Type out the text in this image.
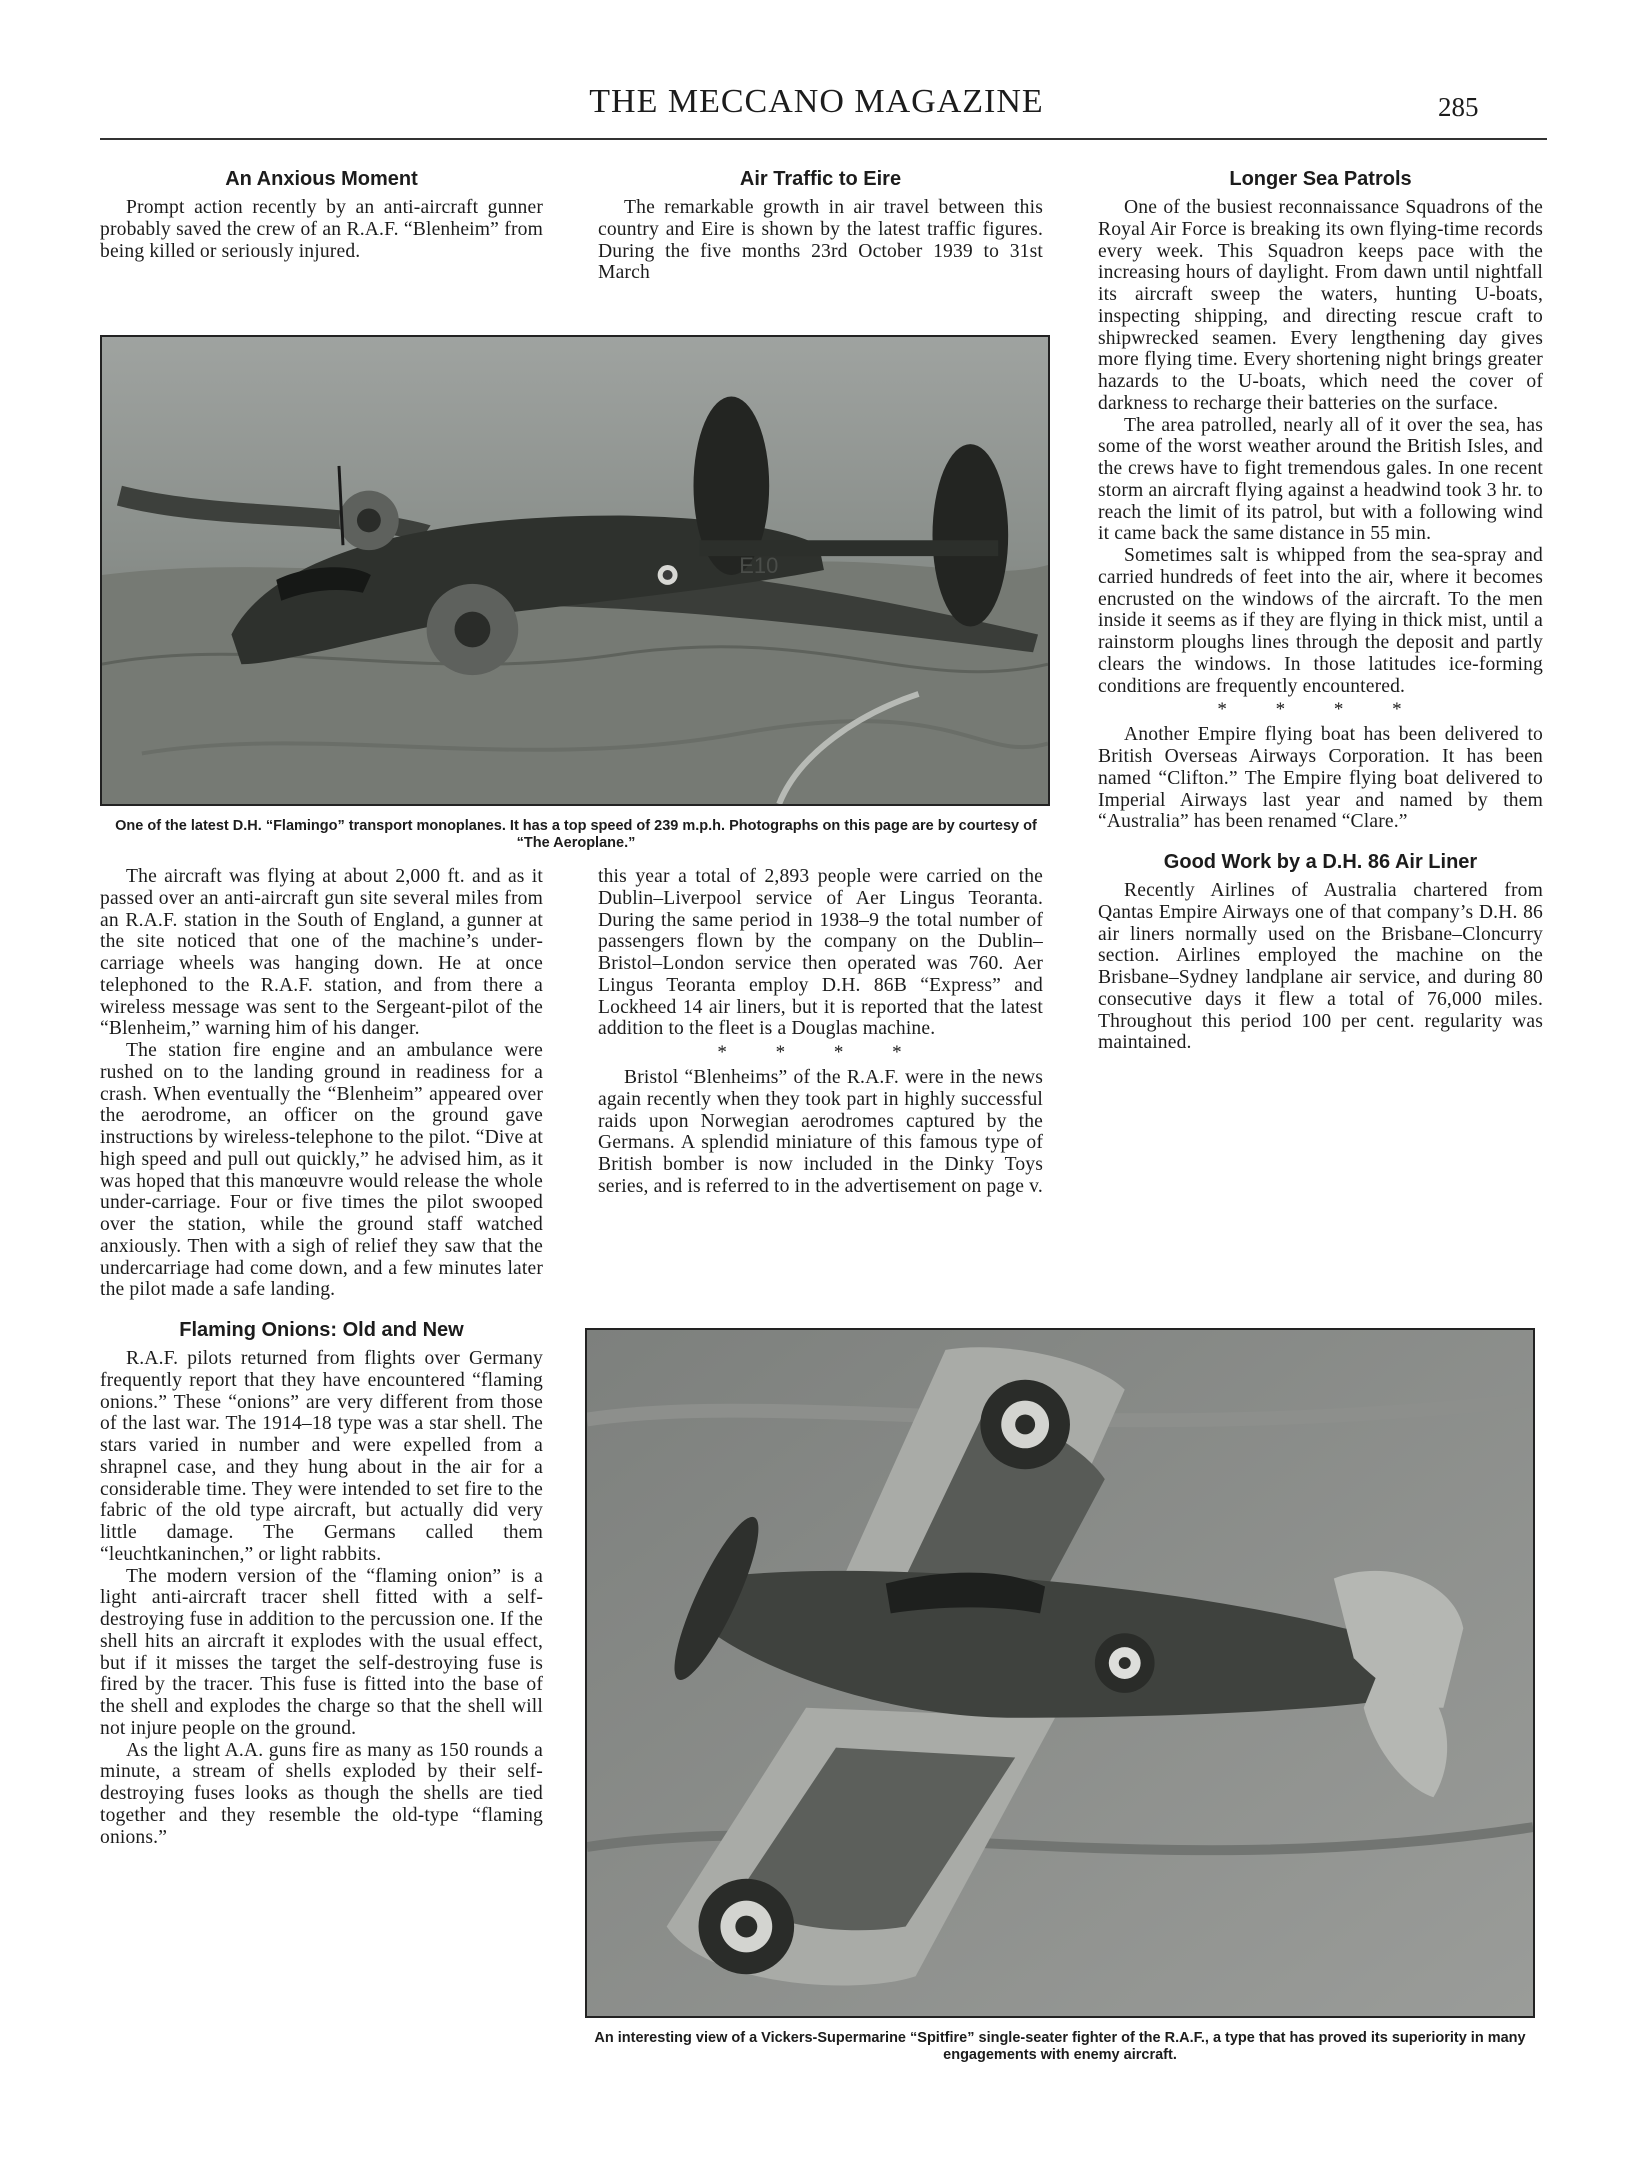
THE MECCANO MAGAZINE	285
An Anxious Moment

Prompt action recently by an anti-aircraft gunner probably saved the crew of an R.A.F. “Blenheim” from being killed or seriously injured.

Air Traffic to Eire

The remarkable growth in air travel between this country and Eire is shown by the latest traffic figures. During the five months 23rd October 1939 to 31st March

Longer Sea Patrols

One of the busiest reconnaissance Squadrons of the Royal Air Force is breaking its own flying-time records every week. This Squadron keeps pace with the increasing hours of daylight. From dawn until nightfall its aircraft sweep the waters, hunting U-boats, inspecting shipping, and directing rescue craft to shipwrecked seamen. Every lengthening day gives more flying time. Every shortening night brings greater hazards to the U-boats, which need the cover of darkness to recharge their batteries on the surface.

The area patrolled, nearly all of it over the sea, has some of the worst weather around the British Isles, and the crews have to fight tremendous gales. In one recent storm an aircraft flying against a headwind took 3 hr. to reach the limit of its patrol, but with a following wind it came back the same distance in 55 min.

Sometimes salt is whipped from the sea-spray and carried hundreds of feet into the air, where it becomes encrusted on the windows of the aircraft. To the men inside it seems as if they are flying in thick mist, until a rainstorm ploughs lines through the deposit and partly clears the windows. In those latitudes ice-forming conditions are frequently encountered.

* * * *

Another Empire flying boat has been delivered to British Overseas Airways Corporation. It has been named “Clifton.” The Empire flying boat delivered to Imperial Airways last year and named by them “Australia” has been renamed “Clare.”

Good Work by a D.H. 86 Air Liner

Recently Airlines of Australia chartered from Qantas Empire Airways one of that company’s D.H. 86 air liners normally used on the Brisbane–Cloncurry section. Airlines employed the machine on the Brisbane–Sydney landplane air service, and during 80 consecutive days it flew a total of 76,000 miles. Throughout this period 100 per cent. regularity was maintained.

E10
One of the latest D.H. “Flamingo” transport monoplanes. It has a top speed of 239 m.p.h. Photographs on this page are by courtesy of “The Aeroplane.”

The aircraft was flying at about 2,000 ft. and as it passed over an anti-aircraft gun site several miles from an R.A.F. station in the South of England, a gunner at the site noticed that one of the machine’s under-carriage wheels was hanging down. He at once telephoned to the R.A.F. station, and from there a wireless message was sent to the Sergeant-pilot of the “Blenheim,” warning him of his danger.

The station fire engine and an ambulance were rushed on to the landing ground in readiness for a crash. When eventually the “Blenheim” appeared over the aerodrome, an officer on the ground gave instructions by wireless-telephone to the pilot. “Dive at high speed and pull out quickly,” he advised him, as it was hoped that this manœuvre would release the whole under-carriage. Four or five times the pilot swooped over the station, while the ground staff watched anxiously. Then with a sigh of relief they saw that the undercarriage had come down, and a few minutes later the pilot made a safe landing.

Flaming Onions: Old and New

R.A.F. pilots returned from flights over Germany frequently report that they have encountered “flaming onions.” These “onions” are very different from those of the last war. The 1914–18 type was a star shell. The stars varied in number and were expelled from a shrapnel case, and they hung about in the air for a considerable time. They were intended to set fire to the fabric of the old type aircraft, but actually did very little damage. The Germans called them “leuchtkaninchen,” or light rabbits.

The modern version of the “flaming onion” is a light anti-aircraft tracer shell fitted with a self-destroying fuse in addition to the percussion one. If the shell hits an aircraft it explodes with the usual effect, but if it misses the target the self-destroying fuse is fired by the tracer. This fuse is fitted into the base of the shell and explodes the charge so that the shell will not injure people on the ground.

As the light A.A. guns fire as many as 150 rounds a minute, a stream of shells exploded by their self-destroying fuses looks as though the shells are tied together and they resemble the old-type “flaming onions.”

this year a total of 2,893 people were carried on the Dublin–Liverpool service of Aer Lingus Teoranta. During the same period in 1938–9 the total number of passengers flown by the company on the Dublin–Bristol–London service then operated was 760. Aer Lingus Teoranta employ D.H. 86B “Express” and Lockheed 14 air liners, but it is reported that the latest addition to the fleet is a Douglas machine.

* * * *

Bristol “Blenheims” of the R.A.F. were in the news again recently when they took part in highly successful raids upon Norwegian aerodromes captured by the Germans. A splendid miniature of this famous type of British bomber is now included in the Dinky Toys series, and is referred to in the advertisement on page v.

An interesting view of a Vickers-Supermarine “Spitfire” single-seater fighter of the R.A.F., a type that has proved its superiority in many engagements with enemy aircraft.
